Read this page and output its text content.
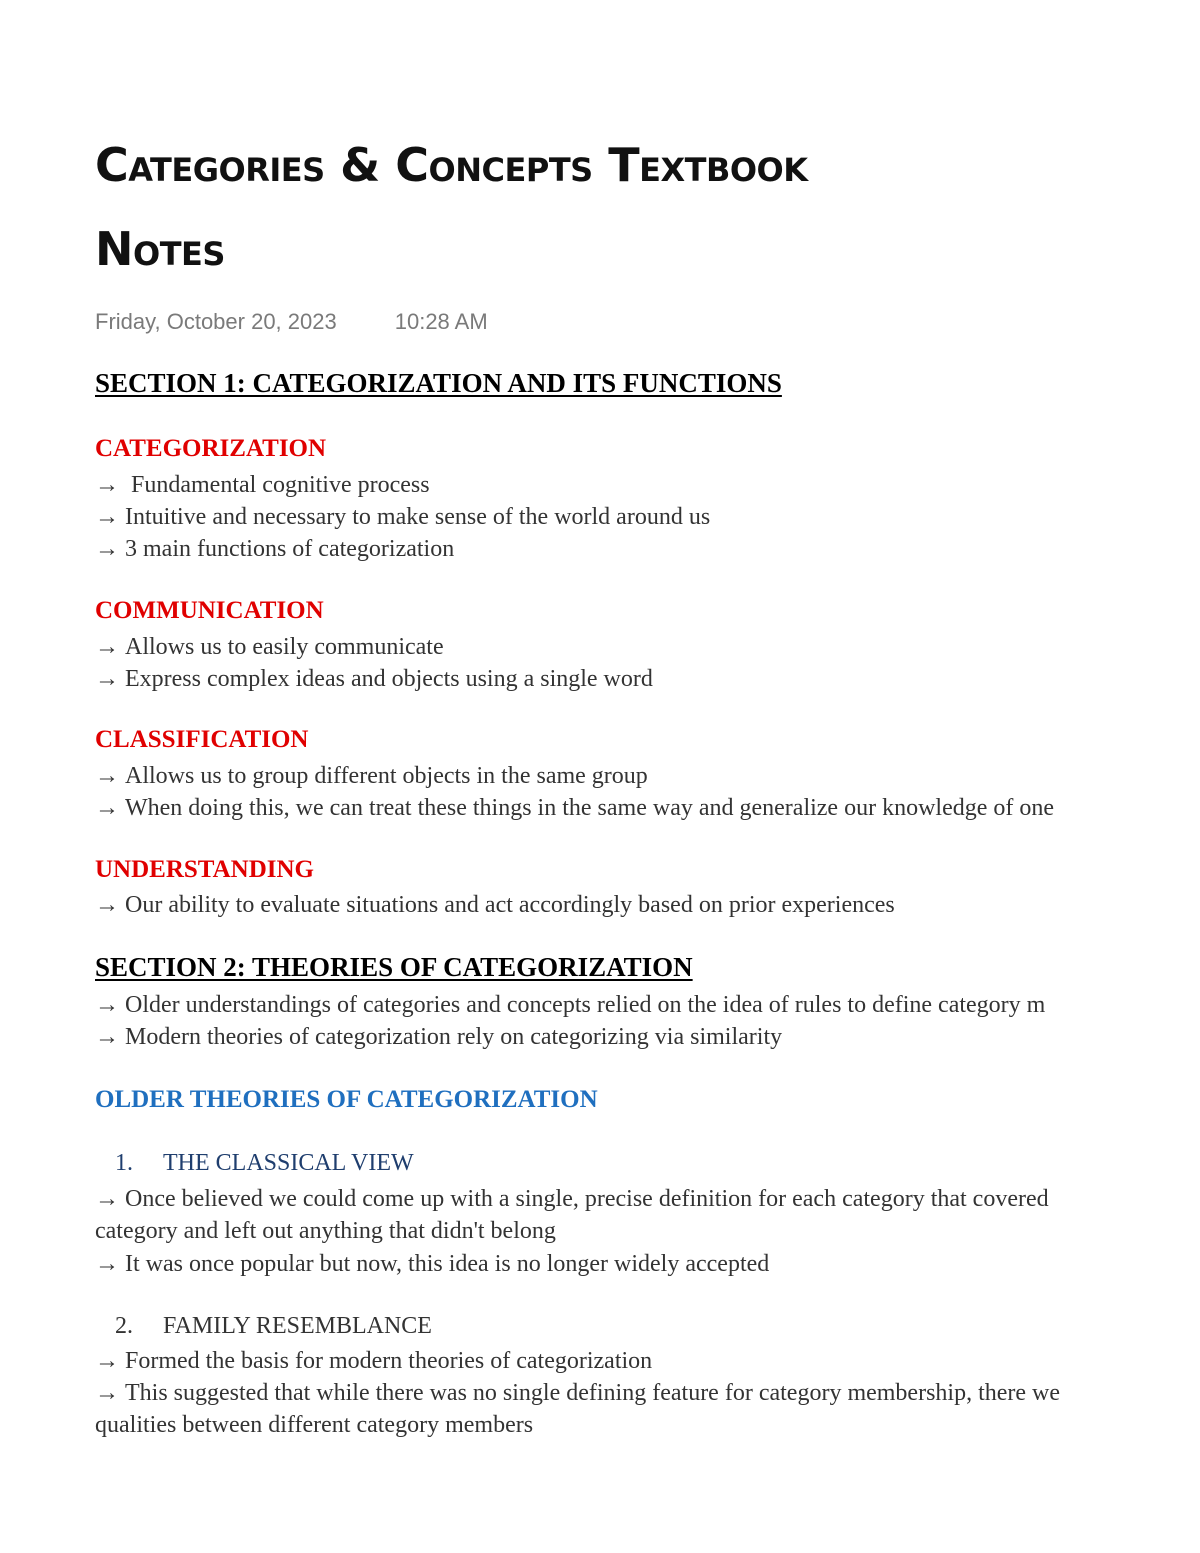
Categories & Concepts Textbook
Notes
Friday, October 20, 2023	10:28 AM
SECTION 1: CATEGORIZATION AND ITS FUNCTIONS
CATEGORIZATION

→ Fundamental cognitive process

→ Intuitive and necessary to make sense of the world around us

→ 3 main functions of categorization

COMMUNICATION

→ Allows us to easily communicate

→ Express complex ideas and objects using a single word

CLASSIFICATION

→ Allows us to group different objects in the same group

→ When doing this, we can treat these things in the same way and generalize our knowledge of one

UNDERSTANDING

→ Our ability to evaluate situations and act accordingly based on prior experiences

SECTION 2: THEORIES OF CATEGORIZATION

→ Older understandings of categories and concepts relied on the idea of rules to define category m

→ Modern theories of categorization rely on categorizing via similarity

OLDER THEORIES OF CATEGORIZATION

1. THE CLASSICAL VIEW

→ Once believed we could come up with a single, precise definition for each category that covered

category and left out anything that didn't belong

→ It was once popular but now, this idea is no longer widely accepted

2. FAMILY RESEMBLANCE

→ Formed the basis for modern theories of categorization

→ This suggested that while there was no single defining feature for category membership, there we

qualities between different category members
